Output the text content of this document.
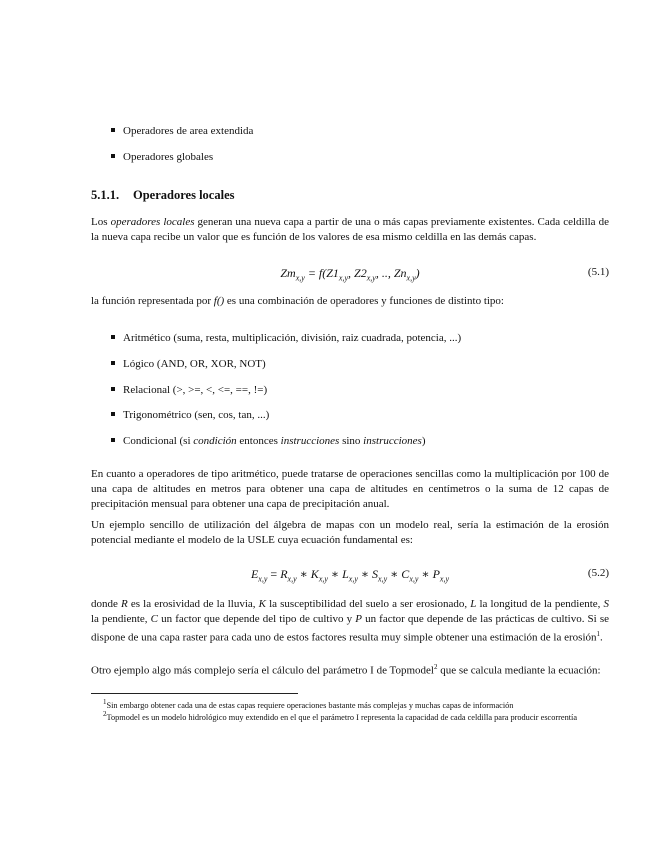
Operadores de area extendida
Operadores globales
5.1.1. Operadores locales
Los operadores locales generan una nueva capa a partir de una o más capas previamente existentes. Cada celdilla de la nueva capa recibe un valor que es función de los valores de esa mismo celdilla en las demás capas.
$Zm_{x,y} = f(Z1_{x,y}$, $Z2_{x,y}$, .., $Zn_{x,y}$)	(5.1)
la función representada por f() es una combinación de operadores y funciones de distinto tipo:
Aritmético (suma, resta, multiplicación, división, raiz cuadrada, potencia, ...)
Lógico (AND, OR, XOR, NOT)
Relacional (>, >=, <, <=, ==, !=)
Trigonométrico (sen, cos, tan, ...)
Condicional (si condición entonces instrucciones sino instrucciones)
En cuanto a operadores de tipo aritmético, puede tratarse de operaciones sencillas como la multiplicación por 100 de una capa de altitudes en metros para obtener una capa de altitudes en centímetros o la suma de 12 capas de precipitación mensual para obtener una capa de precipitación anual.
Un ejemplo sencillo de utilización del álgebra de mapas con un modelo real, sería la estimación de la erosión potencial mediante el modelo de la USLE cuya ecuación fundamental es:
$E_{x,y} = R_{x,y}$ ∗ $K_{x,y}$ ∗ $L_{x,y}$ ∗ $S_{x,y}$ ∗ $C_{x,y}$ ∗ $P_{x,y}$	(5.2)
donde R es la erosividad de la lluvia, K la susceptibilidad del suelo a ser erosionado, L la longitud de la pendiente, S la pendiente, C un factor que depende del tipo de cultivo y P un factor que depende de las prácticas de cultivo. Si se dispone de una capa raster para cada uno de estos factores resulta muy simple obtener una estimación de la erosión$^1$.
Otro ejemplo algo más complejo sería el cálculo del parámetro I de Topmodel$^2$ que se calcula mediante la ecuación:
$^1$Sin embargo obtener cada una de estas capas requiere operaciones bastante más complejas y muchas capas de información
$^2$Topmodel es un modelo hidrológico muy extendido en el que el parámetro I representa la capacidad de cada celdilla para producir escorrentía
